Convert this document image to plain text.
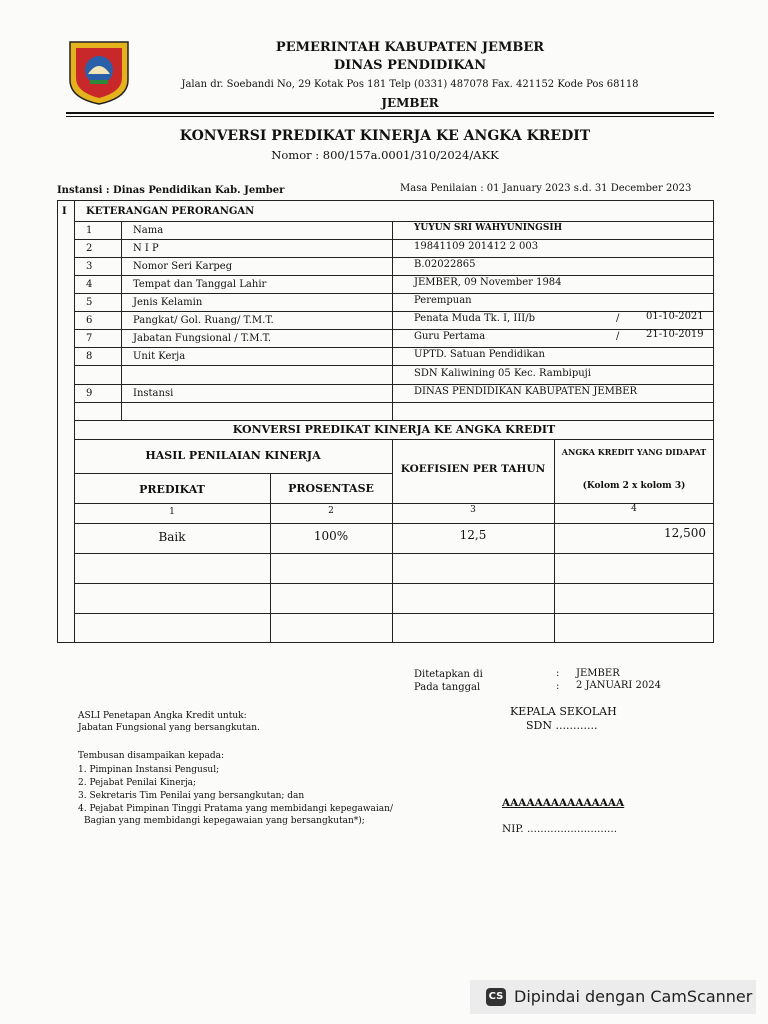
PEMERINTAH KABUPATEN JEMBER
DINAS PENDIDIKAN
Jalan dr. Soebandi No, 29 Kotak Pos 181 Telp (0331) 487078 Fax. 421152 Kode Pos 68118
JEMBER
KONVERSI PREDIKAT KINERJA KE ANGKA KREDIT
Nomor : 800/157a.0001/310/2024/AKK
Instansi : Dinas Pendidikan Kab. Jember	Masa Penilaian : 01 January 2023 s.d. 31 December 2023
I KETERANGAN PERORANGAN
1	Nama	YUYUN SRI WAHYUNINGSIH
2	N I P	19841109 201412 2 003
3	Nomor Seri Karpeg	B.02022865
4	Tempat dan Tanggal Lahir	JEMBER, 09 November 1984
5	Jenis Kelamin	Perempuan
6	Pangkat/ Gol. Ruang/ T.M.T.	Penata Muda Tk. I, III/b	/	01-10-2021
7	Jabatan Fungsional / T.M.T.	Guru Pertama	/	21-10-2019
8	Unit Kerja	UPTD. Satuan Pendidikan
SDN Kaliwining 05 Kec. Rambipuji
9	Instansi	DINAS PENDIDIKAN KABUPATEN JEMBER
KONVERSI PREDIKAT KINERJA KE ANGKA KREDIT
HASIL PENILAIAN KINERJA
KOEFISIEN PER TAHUN
ANGKA KREDIT YANG DIDAPAT
(Kolom 2 x kolom 3)
PREDIKAT	PROSENTASE
1	2	3	4
Baik	100%	12,5	12,500
Ditetapkan di	: JEMBER
Pada tanggal	: 2 JANUARI 2024
KEPALA SEKOLAH
SDN ............
AAAAAAAAAAAAAAA
NIP. ...........................
ASLI Penetapan Angka Kredit untuk:
Jabatan Fungsional yang bersangkutan.
Tembusan disampaikan kepada:
1. Pimpinan Instansi Pengusul;
2. Pejabat Penilai Kinerja;
3. Sekretaris Tim Penilai yang bersangkutan; dan
4. Pejabat Pimpinan Tinggi Pratama yang membidangi kepegawaian/
Bagian yang membidangi kepegawaian yang bersangkutan*);
CS Dipindai dengan CamScanner
